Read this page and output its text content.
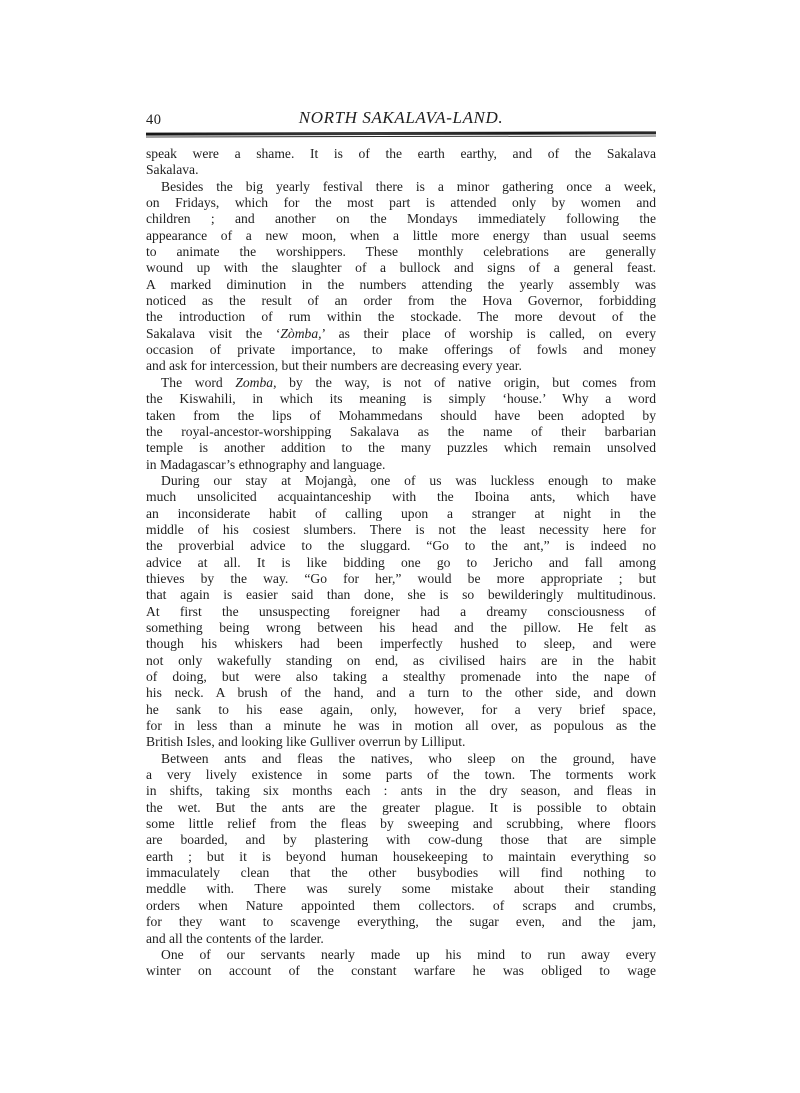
40	NORTH SAKALAVA-LAND.
speak were a shame. It is of the earth earthy, and of the Sakalava
Sakalava.
Besides the big yearly festival there is a minor gathering once a week,
on Fridays, which for the most part is attended only by women and
children ; and another on the Mondays immediately following the
appearance of a new moon, when a little more energy than usual seems
to animate the worshippers. These monthly celebrations are generally
wound up with the slaughter of a bullock and signs of a general feast.
A marked diminution in the numbers attending the yearly assembly was
noticed as the result of an order from the Hova Governor, forbidding
the introduction of rum within the stockade. The more devout of the
Sakalava visit the ‘Zòmba,’ as their place of worship is called, on every
occasion of private importance, to make offerings of fowls and money
and ask for intercession, but their numbers are decreasing every year.
The word Zomba, by the way, is not of native origin, but comes from
the Kiswahili, in which its meaning is simply ‘house.’ Why a word
taken from the lips of Mohammedans should have been adopted by
the royal-ancestor-worshipping Sakalava as the name of their barbarian
temple is another addition to the many puzzles which remain unsolved
in Madagascar’s ethnography and language.
During our stay at Mojangà, one of us was luckless enough to make
much unsolicited acquaintanceship with the Iboina ants, which have
an inconsiderate habit of calling upon a stranger at night in the
middle of his cosiest slumbers. There is not the least necessity here for
the proverbial advice to the sluggard. “Go to the ant,” is indeed no
advice at all. It is like bidding one go to Jericho and fall among
thieves by the way. “Go for her,” would be more appropriate ; but
that again is easier said than done, she is so bewilderingly multitudinous.
At first the unsuspecting foreigner had a dreamy consciousness of
something being wrong between his head and the pillow. He felt as
though his whiskers had been imperfectly hushed to sleep, and were
not only wakefully standing on end, as civilised hairs are in the habit
of doing, but were also taking a stealthy promenade into the nape of
his neck. A brush of the hand, and a turn to the other side, and down
he sank to his ease again, only, however, for a very brief space,
for in less than a minute he was in motion all over, as populous as the
British Isles, and looking like Gulliver overrun by Lilliput.
Between ants and fleas the natives, who sleep on the ground, have
a very lively existence in some parts of the town. The torments work
in shifts, taking six months each : ants in the dry season, and fleas in
the wet. But the ants are the greater plague. It is possible to obtain
some little relief from the fleas by sweeping and scrubbing, where floors
are boarded, and by plastering with cow-dung those that are simple
earth ; but it is beyond human housekeeping to maintain everything so
immaculately clean that the other busybodies will find nothing to
meddle with. There was surely some mistake about their standing
orders when Nature appointed them collectors. of scraps and crumbs,
for they want to scavenge everything, the sugar even, and the jam,
and all the contents of the larder.
One of our servants nearly made up his mind to run away every
winter on account of the constant warfare he was obliged to wage
